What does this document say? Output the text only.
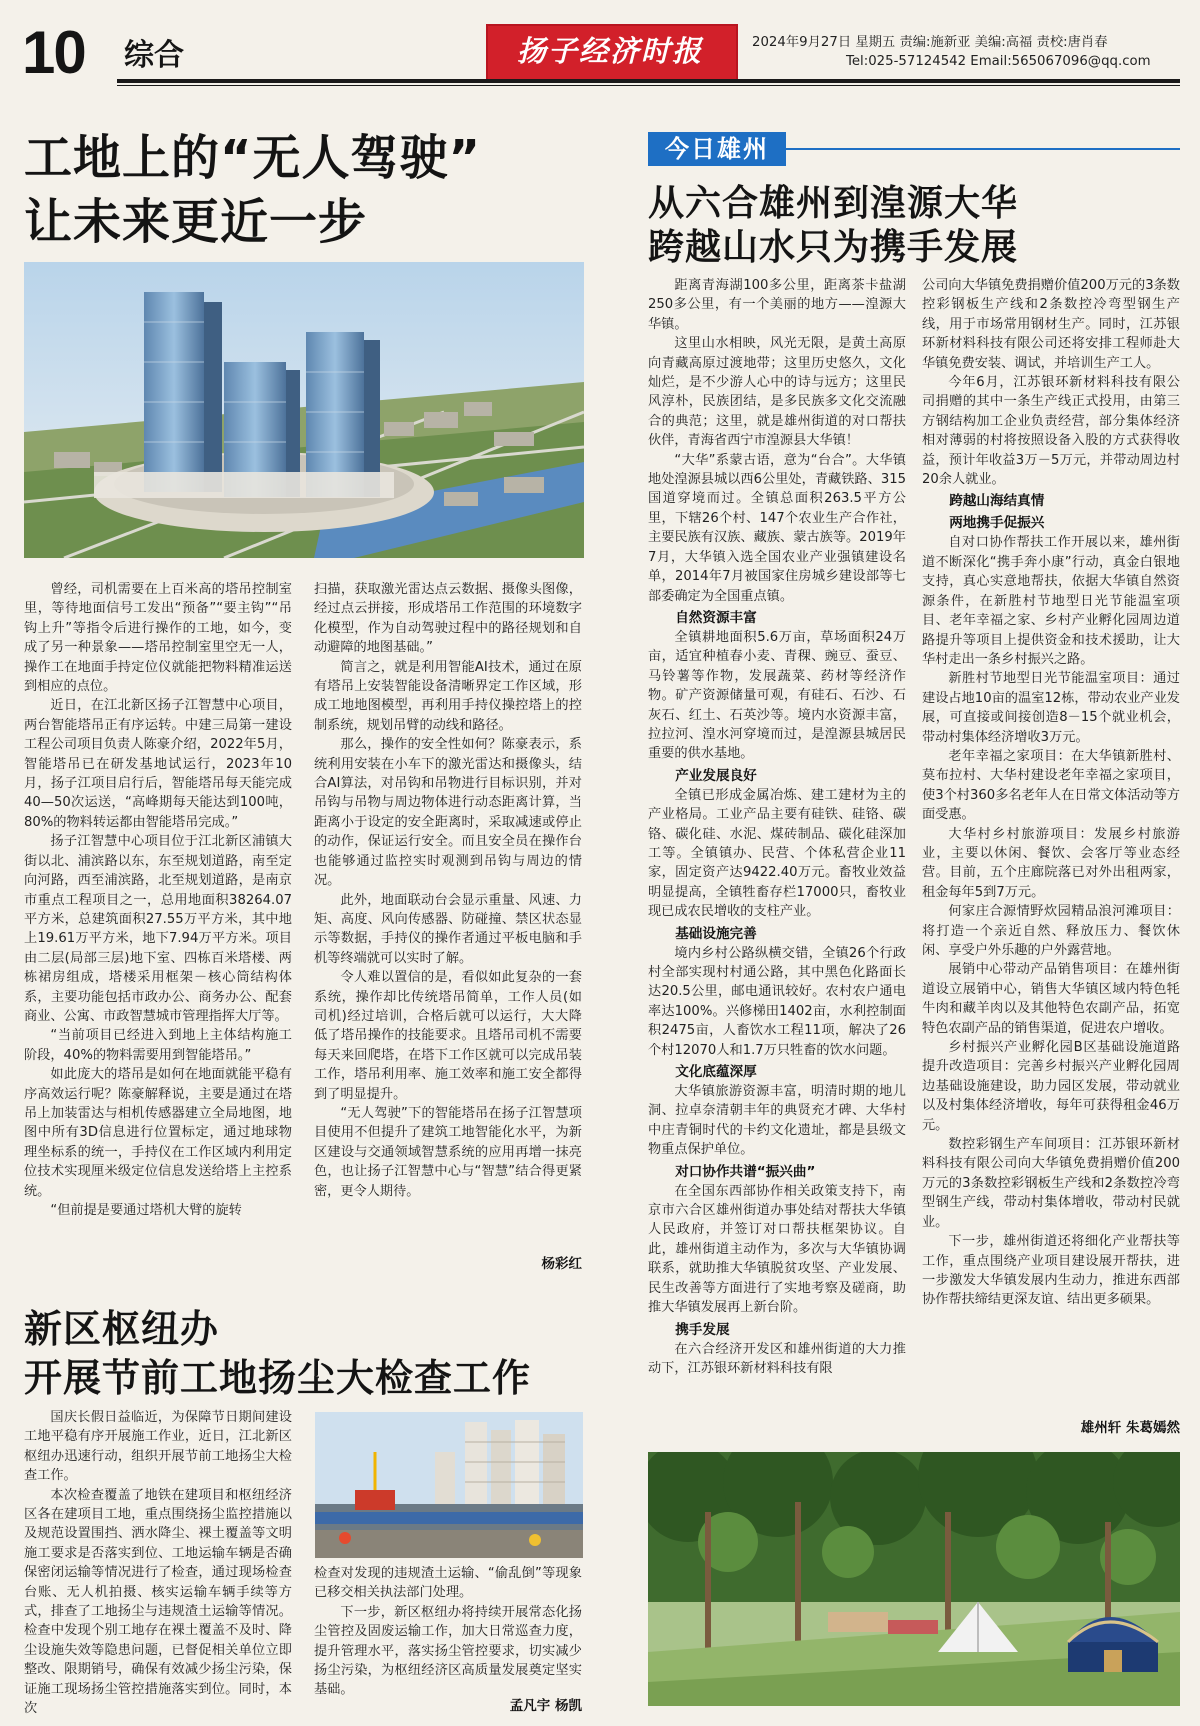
10 综合	扬子经济时报	2024年9月27日 星期五 责编:施新亚 美编:高福 责校:唐肖春
Tel:025-57124542 Email:565067096@qq.com
工地上的“无人驾驶”
让未来更近一步

曾经，司机需要在上百米高的塔吊控制室里，等待地面信号工发出“预备”“要主钩”“吊钩上升”等指令后进行操作的工地，如今，变成了另一种景象——塔吊控制室里空无一人，操作工在地面手持定位仪就能把物料精准运送到相应的点位。

近日，在江北新区扬子江智慧中心项目，两台智能塔吊正有序运转。中建三局第一建设工程公司项目负责人陈豪介绍，2022年5月，智能塔吊已在研发基地试运行，2023年10月，扬子江项目启行后，智能塔吊每天能完成40—50次运送，“高峰期每天能达到100吨，80%的物料转运都由智能塔吊完成。”

扬子江智慧中心项目位于江北新区浦镇大街以北、浦滨路以东，东至规划道路，南至定向河路，西至浦滨路，北至规划道路，是南京市重点工程项目之一，总用地面积38264.07平方米，总建筑面积27.55万平方米，其中地上19.61万平方米，地下7.94万平方米。项目由二层(局部三层)地下室、四栋百米塔楼、两栋裙房组成，塔楼采用框架－核心筒结构体系，主要功能包括市政办公、商务办公、配套商业、公寓、市政智慧城市管理指挥大厅等。

“当前项目已经进入到地上主体结构施工阶段，40%的物料需要用到智能塔吊。”

如此庞大的塔吊是如何在地面就能平稳有序高效运行呢？陈豪解释说，主要是通过在塔吊上加装雷达与相机传感器建立全局地图，地图中所有3D信息进行位置标定，通过地球物理坐标系的统一，手持仪在工作区域内利用定位技术实现厘米级定位信息发送给塔上主控系统。

“但前提是要通过塔机大臂的旋转

扫描，获取激光雷达点云数据、摄像头图像，经过点云拼接，形成塔吊工作范围的环境数字化模型，作为自动驾驶过程中的路径规划和自动避障的地图基础。”

简言之，就是利用智能AI技术，通过在原有塔吊上安装智能设备清晰界定工作区域，形成工地地图模型，再利用手持仪操控塔上的控制系统，规划吊臂的动线和路径。

那么，操作的安全性如何？陈豪表示，系统利用安装在小车下的激光雷达和摄像头，结合AI算法，对吊钩和吊物进行目标识别，并对吊钩与吊物与周边物体进行动态距离计算，当距离小于设定的安全距离时，采取减速或停止的动作，保证运行安全。而且安全员在操作台也能够通过监控实时观测到吊钩与周边的情况。

此外，地面联动台会显示重量、风速、力矩、高度、风向传感器、防碰撞、禁区状态显示等数据，手持仪的操作者通过平板电脑和手机等终端就可以实时了解。

令人难以置信的是，看似如此复杂的一套系统，操作却比传统塔吊简单，工作人员(如司机)经过培训，合格后就可以运行，大大降低了塔吊操作的技能要求。且塔吊司机不需要每天来回爬塔，在塔下工作区就可以完成吊装工作，塔吊利用率、施工效率和施工安全都得到了明显提升。

“无人驾驶”下的智能塔吊在扬子江智慧项目使用不但提升了建筑工地智能化水平，为新区建设与交通领域智慧系统的应用再增一抹亮色，也让扬子江智慧中心与“智慧”结合得更紧密，更令人期待。

杨彩红
新区枢纽办
开展节前工地扬尘大检查工作

国庆长假日益临近，为保障节日期间建设工地平稳有序开展施工作业，近日，江北新区枢纽办迅速行动，组织开展节前工地扬尘大检查工作。

本次检查覆盖了地铁在建项目和枢纽经济区各在建项目工地，重点围绕扬尘监控措施以及规范设置围挡、洒水降尘、裸土覆盖等文明施工要求是否落实到位、工地运输车辆是否确保密闭运输等情况进行了检查，通过现场检查台账、无人机拍摄、核实运输车辆手续等方式，排查了工地扬尘与违规渣土运输等情况。检查中发现个别工地存在裸土覆盖不及时、降尘设施失效等隐患问题，已督促相关单位立即整改、限期销号，确保有效减少扬尘污染，保证施工现场扬尘管控措施落实到位。同时，本次

检查对发现的违规渣土运输、“偷乱倒”等现象已移交相关执法部门处理。

下一步，新区枢纽办将持续开展常态化扬尘管控及固废运输工作，加大日常巡查力度，提升管理水平，落实扬尘管控要求，切实减少扬尘污染，为枢纽经济区高质量发展奠定坚实基础。

孟凡宇 杨凯
今日雄州
从六合雄州到湟源大华
跨越山水只为携手发展

距离青海湖100多公里，距离茶卡盐湖250多公里，有一个美丽的地方——湟源大华镇。

这里山水相映，风光无限，是黄土高原向青藏高原过渡地带；这里历史悠久，文化灿烂，是不少游人心中的诗与远方；这里民风淳朴，民族团结，是多民族多文化交流融合的典范；这里，就是雄州街道的对口帮扶伙伴，青海省西宁市湟源县大华镇！

“大华”系蒙古语，意为“台合”。大华镇地处湟源县城以西6公里处，青藏铁路、315国道穿境而过。全镇总面积263.5平方公里，下辖26个村、147个农业生产合作社，主要民族有汉族、藏族、蒙古族等。2019年7月，大华镇入选全国农业产业强镇建设名单，2014年7月被国家住房城乡建设部等七部委确定为全国重点镇。

自然资源丰富

全镇耕地面积5.6万亩，草场面积24万亩，适宜种植春小麦、青稞、豌豆、蚕豆、马铃薯等作物，发展蔬菜、药材等经济作物。矿产资源储量可观，有硅石、石沙、石灰石、红土、石英沙等。境内水资源丰富，拉拉河、湟水河穿境而过，是湟源县城居民重要的供水基地。

产业发展良好

全镇已形成金属冶炼、建工建材为主的产业格局。工业产品主要有硅铁、硅铬、碳铬、碳化硅、水泥、煤砖制品、碳化硅深加工等。全镇镇办、民营、个体私营企业11家，固定资产达9422.40万元。畜牧业效益明显提高，全镇牲畜存栏17000只，畜牧业现已成农民增收的支柱产业。

基础设施完善

境内乡村公路纵横交错，全镇26个行政村全部实现村村通公路，其中黑色化路面长达20.5公里，邮电通讯较好。农村农户通电率达100%。兴修梯田1402亩，水利控制面积2475亩，人畜饮水工程11项，解决了26个村12070人和1.7万只牲畜的饮水问题。

文化底蕴深厚

大华镇旅游资源丰富，明清时期的地儿洞、拉卓奈清朝丰年的典贤充才碑、大华村中庄青铜时代的卡约文化遗址，都是县级文物重点保护单位。

对口协作共谱“振兴曲”

在全国东西部协作相关政策支持下，南京市六合区雄州街道办事处结对帮扶大华镇人民政府，并签订对口帮扶框架协议。自此，雄州街道主动作为，多次与大华镇协调联系，就助推大华镇脱贫攻坚、产业发展、民生改善等方面进行了实地考察及磋商，助推大华镇发展再上新台阶。

携手发展

在六合经济开发区和雄州街道的大力推动下，江苏银环新材料科技有限

公司向大华镇免费捐赠价值200万元的3条数控彩钢板生产线和2条数控冷弯型钢生产线，用于市场常用钢材生产。同时，江苏银环新材料科技有限公司还将安排工程师赴大华镇免费安装、调试，并培训生产工人。

今年6月，江苏银环新材料科技有限公司捐赠的其中一条生产线正式投用，由第三方钢结构加工企业负责经营，部分集体经济相对薄弱的村将按照设备入股的方式获得收益，预计年收益3万－5万元，并带动周边村20余人就业。

跨越山海结真情
两地携手促振兴

自对口协作帮扶工作开展以来，雄州街道不断深化“携手奔小康”行动，真金白银地支持，真心实意地帮扶，依据大华镇自然资源条件，在新胜村节地型日光节能温室项目、老年幸福之家、乡村产业孵化园周边道路提升等项目上提供资金和技术援助，让大华村走出一条乡村振兴之路。

新胜村节地型日光节能温室项目：通过建设占地10亩的温室12栋，带动农业产业发展，可直接或间接创造8－15个就业机会，带动村集体经济增收3万元。

老年幸福之家项目：在大华镇新胜村、莫布拉村、大华村建设老年幸福之家项目，使3个村360多名老年人在日常文体活动等方面受惠。

大华村乡村旅游项目：发展乡村旅游业，主要以休闲、餐饮、会客厅等业态经营。目前，五个庄廊院落已对外出租两家，租金每年5到7万元。

何家庄合源情野炊园精品浪河滩项目：将打造一个亲近自然、释放压力、餐饮休闲、享受户外乐趣的户外露营地。

展销中心带动产品销售项目：在雄州街道设立展销中心，销售大华镇区域内特色牦牛肉和藏羊肉以及其他特色农副产品，拓宽特色农副产品的销售渠道，促进农户增收。

乡村振兴产业孵化园B区基础设施道路提升改造项目：完善乡村振兴产业孵化园周边基础设施建设，助力园区发展，带动就业以及村集体经济增收，每年可获得租金46万元。

数控彩钢生产车间项目：江苏银环新材料科技有限公司向大华镇免费捐赠价值200万元的3条数控彩钢板生产线和2条数控冷弯型钢生产线，带动村集体增收，带动村民就业。

下一步，雄州街道还将细化产业帮扶等工作，重点围绕产业项目建设展开帮扶，进一步激发大华镇发展内生动力，推进东西部协作帮扶缔结更深友谊、结出更多硕果。

雄州轩 朱葛嫣然
